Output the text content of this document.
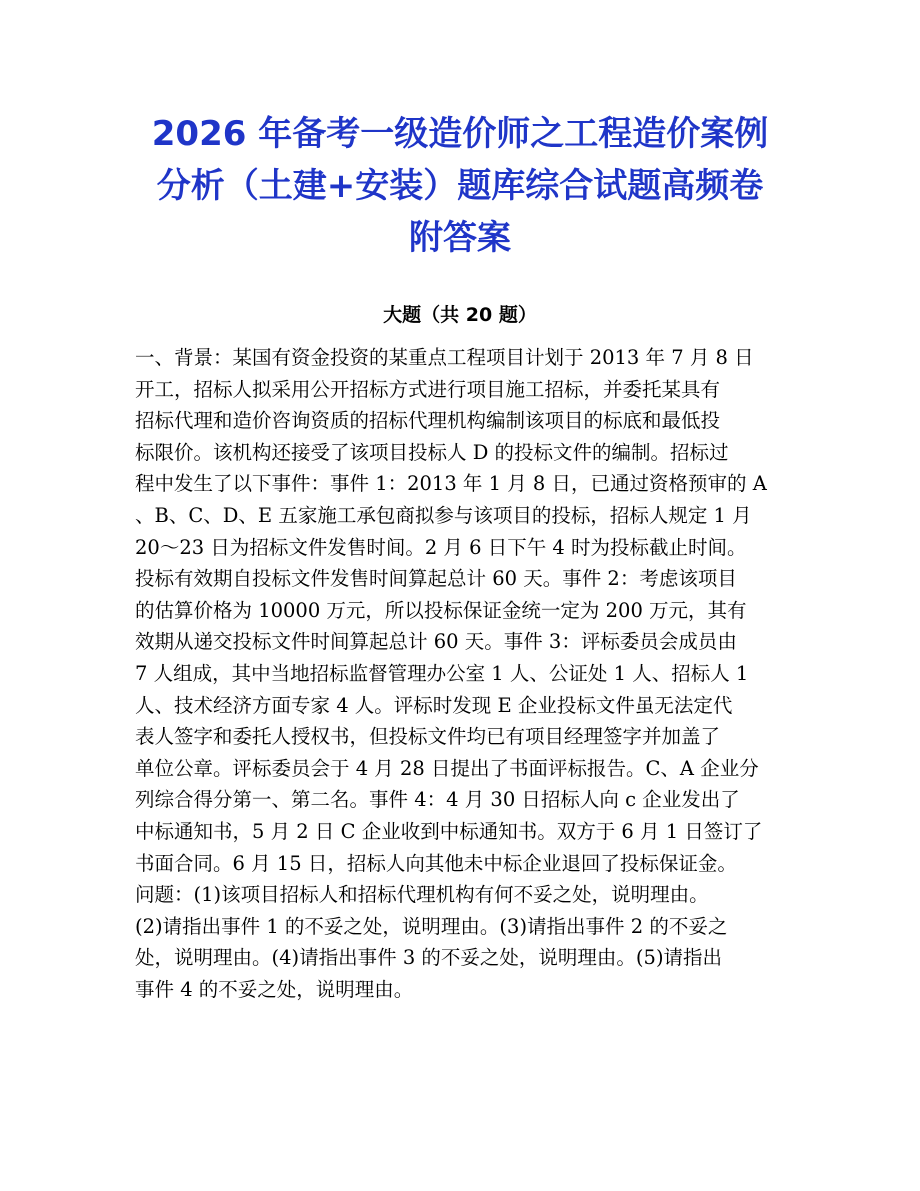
2026 年备考一级造价师之工程造价案例
分析（土建+安装）题库综合试题高频卷
附答案
大题（共 20 题）
一、背景：某国有资金投资的某重点工程项目计划于 2013 年 7 月 8 日
开工，招标人拟采用公开招标方式进行项目施工招标，并委托某具有
招标代理和造价咨询资质的招标代理机构编制该项目的标底和最低投
标限价。该机构还接受了该项目投标人 D 的投标文件的编制。招标过
程中发生了以下事件：事件 1：2013 年 1 月 8 日，已通过资格预审的 A
、B、C、D、E 五家施工承包商拟参与该项目的投标，招标人规定 1 月
20～23 日为招标文件发售时间。2 月 6 日下午 4 时为投标截止时间。
投标有效期自投标文件发售时间算起总计 60 天。事件 2：考虑该项目
的估算价格为 10000 万元，所以投标保证金统一定为 200 万元，其有
效期从递交投标文件时间算起总计 60 天。事件 3：评标委员会成员由
7 人组成，其中当地招标监督管理办公室 1 人、公证处 1 人、招标人 1
人、技术经济方面专家 4 人。评标时发现 E 企业投标文件虽无法定代
表人签字和委托人授权书，但投标文件均已有项目经理签字并加盖了
单位公章。评标委员会于 4 月 28 日提出了书面评标报告。C、A 企业分
列综合得分第一、第二名。事件 4：4 月 30 日招标人向 c 企业发出了
中标通知书，5 月 2 日 C 企业收到中标通知书。双方于 6 月 1 日签订了
书面合同。6 月 15 日，招标人向其他未中标企业退回了投标保证金。
问题：(1)该项目招标人和招标代理机构有何不妥之处，说明理由。
(2)请指出事件 1 的不妥之处，说明理由。(3)请指出事件 2 的不妥之
处，说明理由。(4)请指出事件 3 的不妥之处，说明理由。(5)请指出
事件 4 的不妥之处，说明理由。
